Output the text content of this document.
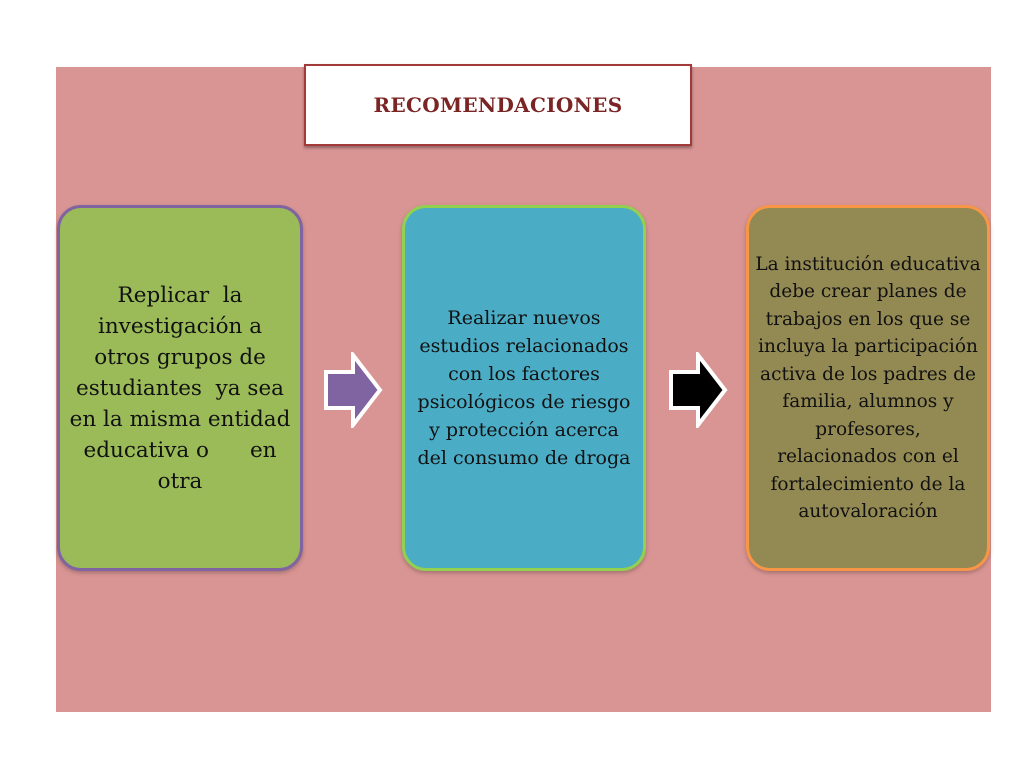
RECOMENDACIONES

Replicar  la investigación a otros grupos de estudiantes  ya sea en la misma entidad educativa o      en       otra

Realizar nuevos estudios relacionados con los factores psicológicos de riesgo y protección acerca del consumo de droga

La institución educativa debe crear planes de trabajos en los que se incluya la participación activa de los padres de familia, alumnos y profesores, relacionados con el fortalecimiento de la autovaloración
